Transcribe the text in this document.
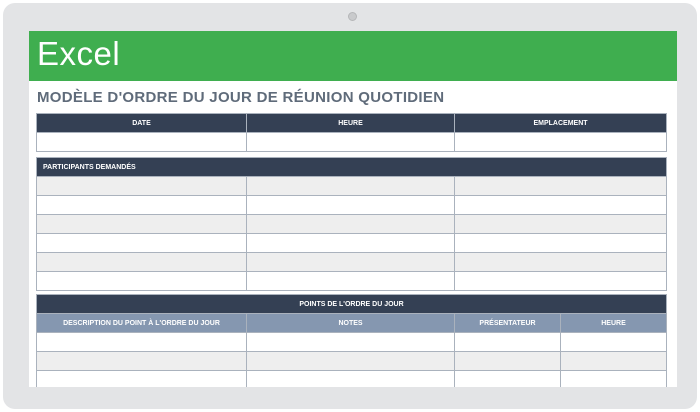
Excel
MODÈLE D'ORDRE DU JOUR DE RÉUNION QUOTIDIEN
DATE	HEURE	EMPLACEMENT

PARTICIPANTS DEMANDÉS		

POINTS DE L'ORDRE DU JOUR			
DESCRIPTION DU POINT À L'ORDRE DU JOUR	NOTES	PRÉSENTATEUR	HEURE
